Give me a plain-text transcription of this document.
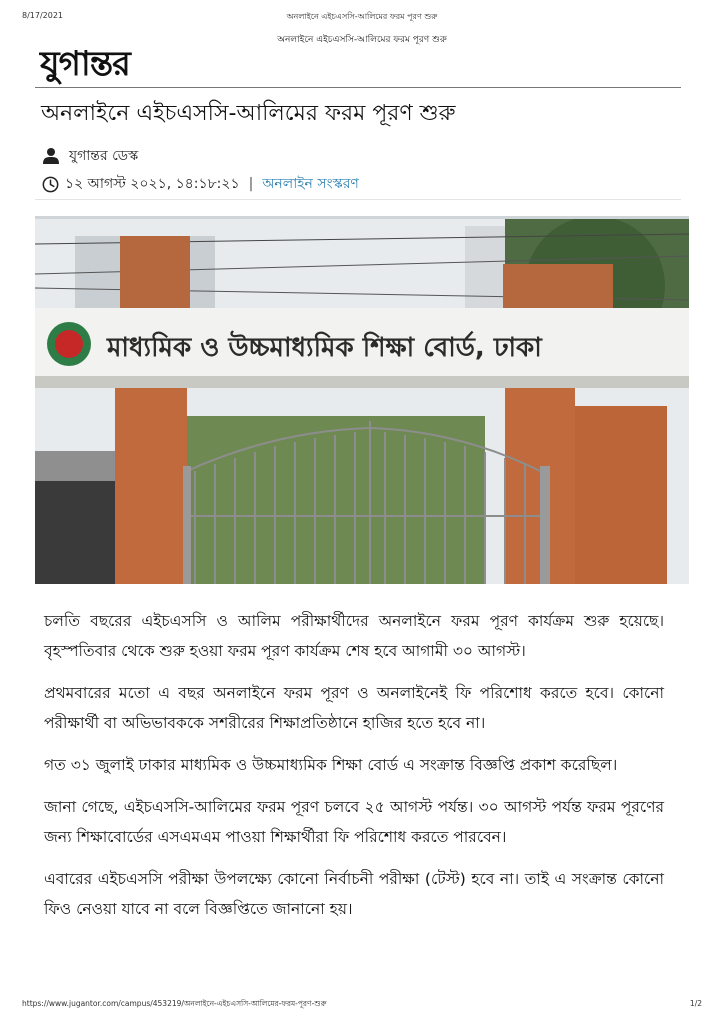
8/17/2021	অনলাইনে এইচএসসি-আলিমের ফরম পূরণ শুরু
অনলাইনে এইচএসসি-আলিমের ফরম পূরণ শুরু
যুগান্তর
অনলাইনে এইচএসসি-আলিমের ফরম পূরণ শুরু
যুগান্তর ডেস্ক
১২ আগস্ট ২০২১, ১৪:১৮:২১ | অনলাইন সংস্করণ
মাধ্যমিক ও উচ্চমাধ্যমিক শিক্ষা বোর্ড, ঢাকা

চলতি বছরের এইচএসসি ও আলিম পরীক্ষার্থীদের অনলাইনে ফরম পূরণ কার্যক্রম শুরু হয়েছে। বৃহস্পতিবার থেকে শুরু হওয়া ফরম পূরণ কার্যক্রম শেষ হবে আগামী ৩০ আগস্ট।

প্রথমবারের মতো এ বছর অনলাইনে ফরম পূরণ ও অনলাইনেই ফি পরিশোধ করতে হবে। কোনো পরীক্ষার্থী বা অভিভাবককে সশরীরের শিক্ষাপ্রতিষ্ঠানে হাজির হতে হবে না।

গত ৩১ জুলাই ঢাকার মাধ্যমিক ও উচ্চমাধ্যমিক শিক্ষা বোর্ড এ সংক্রান্ত বিজ্ঞপ্তি প্রকাশ করেছিল।

জানা গেছে, এইচএসসি-আলিমের ফরম পূরণ চলবে ২৫ আগস্ট পর্যন্ত। ৩০ আগস্ট পর্যন্ত ফরম পূরণের জন্য শিক্ষাবোর্ডের এসএমএম পাওয়া শিক্ষার্থীরা ফি পরিশোধ করতে পারবেন।

এবারের এইচএসসি পরীক্ষা উপলক্ষ্যে কোনো নির্বাচনী পরীক্ষা (টেস্ট) হবে না। তাই এ সংক্রান্ত কোনো ফিও নেওয়া যাবে না বলে বিজ্ঞপ্তিতে জানানো হয়।

https://www.jugantor.com/campus/453219/অনলাইনে-এইচএসসি-আলিমের-ফরম-পূরণ-শুরু	1/2
